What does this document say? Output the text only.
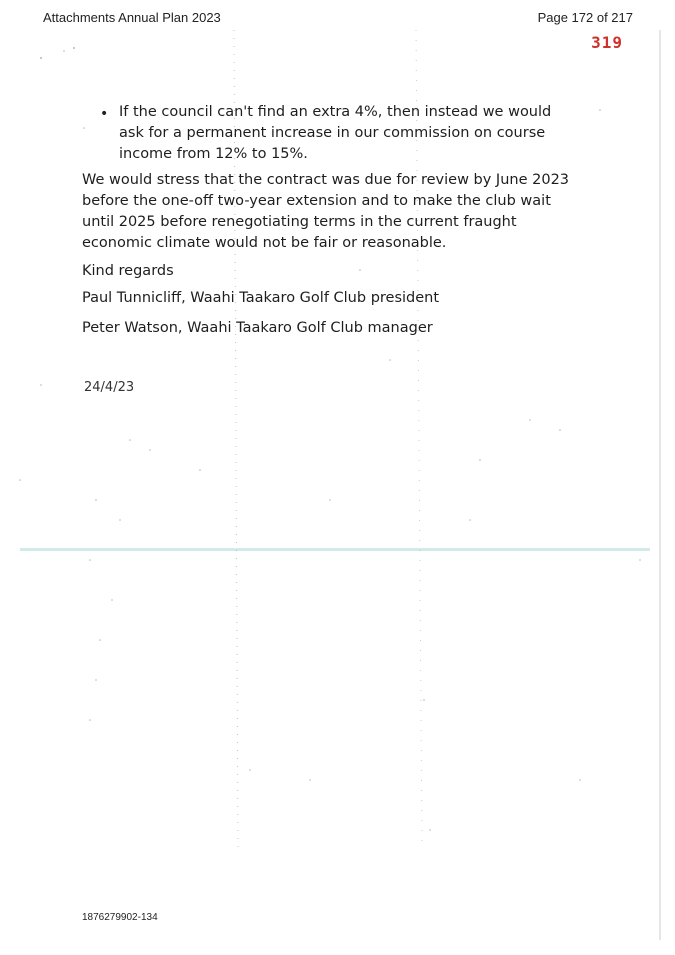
Attachments Annual Plan 2023	Page 172 of 217
319
• If the council can't find an extra 4%, then instead we would ask for a permanent increase in our commission on course income from 12% to 15%.
We would stress that the contract was due for review by June 2023 before the one-off two-year extension and to make the club wait until 2025 before renegotiating terms in the current fraught economic climate would not be fair or reasonable.
Kind regards
Paul Tunnicliff, Waahi Taakaro Golf Club president
Peter Watson, Waahi Taakaro Golf Club manager
24/4/23
1876279902-134
